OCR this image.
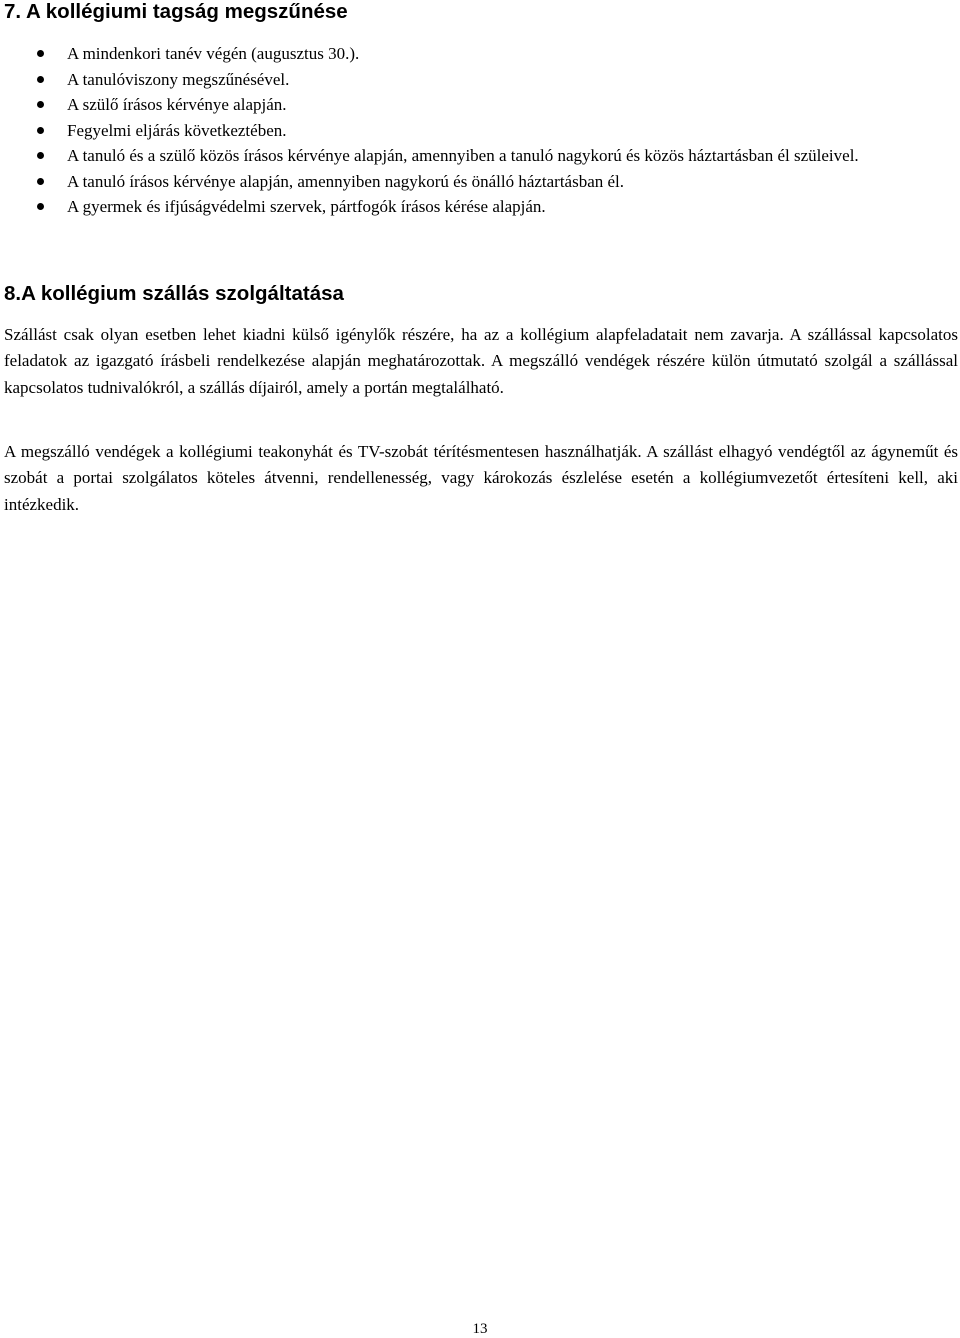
7. A kollégiumi tagság megszűnése
A mindenkori tanév végén (augusztus 30.).
A tanulóviszony megszűnésével.
A szülő írásos kérvénye alapján.
Fegyelmi eljárás következtében.
A tanuló és a szülő közös írásos kérvénye alapján, amennyiben a tanuló nagykorú és közös háztartásban él szüleivel.
A tanuló írásos kérvénye alapján, amennyiben nagykorú és önálló háztartásban él.
A gyermek és ifjúságvédelmi szervek, pártfogók írásos kérése alapján.
8.A kollégium szállás szolgáltatása

Szállást csak olyan esetben lehet kiadni külső igénylők részére, ha az a kollégium alapfeladatait nem zavarja. A szállással kapcsolatos feladatok az igazgató írásbeli rendelkezése alapján meghatározottak. A megszálló vendégek részére külön útmutató szolgál a szállással kapcsolatos tudnivalókról, a szállás díjairól, amely a portán megtalálható.

A megszálló vendégek a kollégiumi teakonyhát és TV-szobát térítésmentesen használhatják. A szállást elhagyó vendégtől az ágyneműt és szobát a portai szolgálatos köteles átvenni, rendellenesség, vagy károkozás észlelése esetén a kollégiumvezetőt értesíteni kell, aki intézkedik.

13
